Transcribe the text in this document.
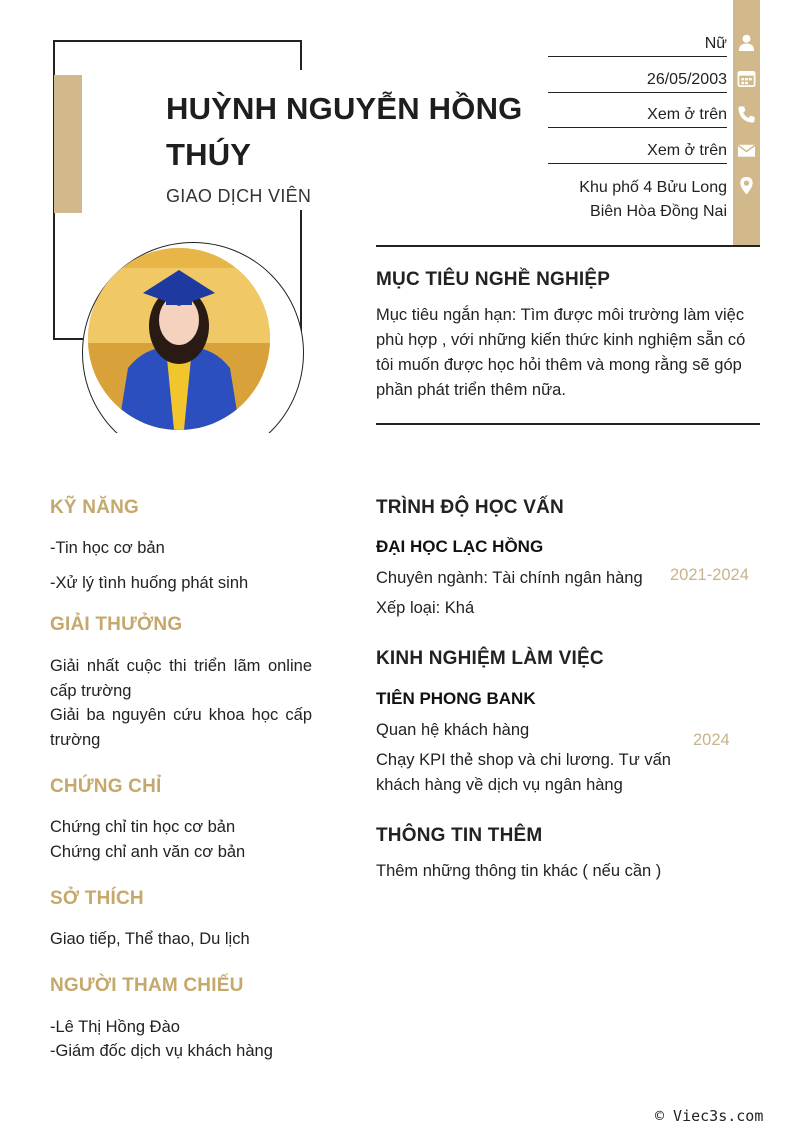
HUỲNH NGUYỄN HỒNG THÚY
GIAO DỊCH VIÊN
Nữ
26/05/2003
Xem ở trên
Xem ở trên
Khu phố 4 Bửu Long
Biên Hòa Đồng Nai
MỤC TIÊU NGHỀ NGHIỆP
Mục tiêu ngắn hạn: Tìm được môi trường làm việc phù hợp , với những kiến thức kinh nghiệm sẵn có tôi muốn được học hỏi thêm và mong rằng sẽ góp phần phát triển thêm nữa.
KỸ NĂNG
-Tin học cơ bản
-Xử lý tình huống phát sinh
GIẢI THƯỞNG
Giải nhất cuộc thi triển lãm online cấp trường
Giải ba nguyên cứu khoa học cấp trường
CHỨNG CHỈ
Chứng chỉ tin học cơ bản
Chứng chỉ anh văn cơ bản
SỞ THÍCH
Giao tiếp, Thể thao, Du lịch
NGƯỜI THAM CHIẾU
-Lê Thị Hồng Đào
-Giám đốc dịch vụ khách hàng
TRÌNH ĐỘ HỌC VẤN
ĐẠI HỌC LẠC HỒNG
Chuyên ngành: Tài chính ngân hàng 2021-2024
Xếp loại: Khá
KINH NGHIỆM LÀM VIỆC
TIÊN PHONG BANK
Quan hệ khách hàng
2024
Chạy KPI thẻ shop và chi lương. Tư vấn khách hàng về dịch vụ ngân hàng
THÔNG TIN THÊM
Thêm những thông tin khác ( nếu cần )
© Viec3s.com
